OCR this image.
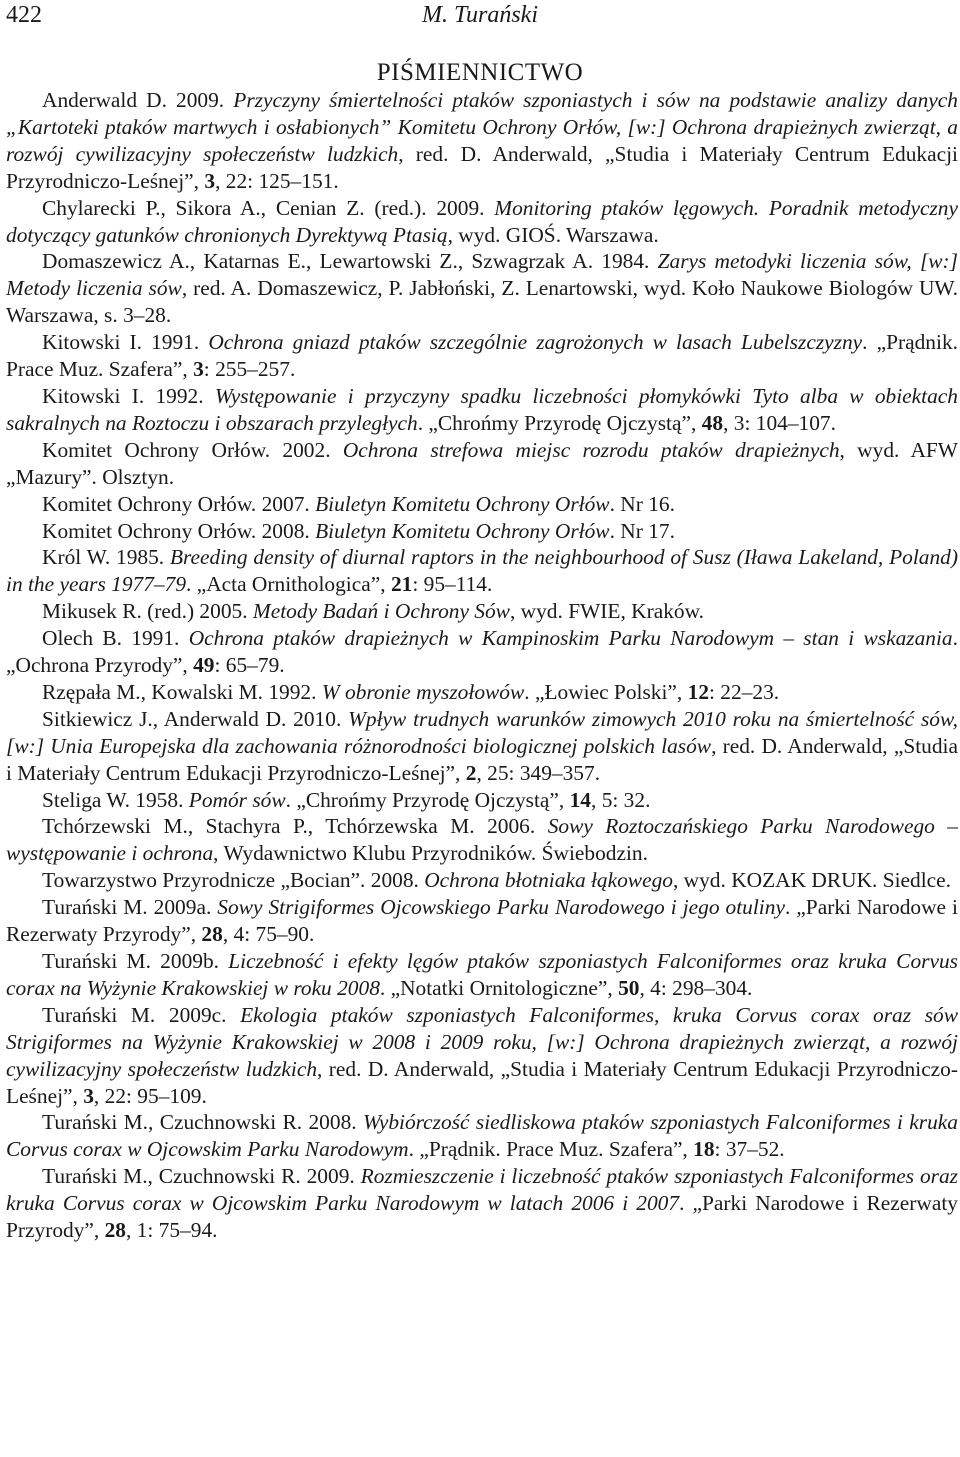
422	M. Turański
PIŚMIENNICTWO

Anderwald D. 2009. Przyczyny śmiertelności ptaków szponiastych i sów na podstawie analizy danych „Kartoteki ptaków martwych i osłabionych” Komitetu Ochrony Orłów, [w:] Ochrona drapieżnych zwierząt, a rozwój cywilizacyjny społeczeństw ludzkich, red. D. Anderwald, „Studia i Materiały Centrum Edukacji Przyrodniczo-Leśnej”, 3, 22: 125–151.

Chylarecki P., Sikora A., Cenian Z. (red.). 2009. Monitoring ptaków lęgowych. Poradnik metodyczny dotyczący gatunków chronionych Dyrektywą Ptasią, wyd. GIOŚ. Warszawa.

Domaszewicz A., Katarnas E., Lewartowski Z., Szwagrzak A. 1984. Zarys metodyki liczenia sów, [w:] Metody liczenia sów, red. A. Domaszewicz, P. Jabłoński, Z. Lenartowski, wyd. Koło Naukowe Biologów UW. Warszawa, s. 3–28.

Kitowski I. 1991. Ochrona gniazd ptaków szczególnie zagrożonych w lasach Lubelszczyzny. „Prądnik. Prace Muz. Szafera”, 3: 255–257.

Kitowski I. 1992. Występowanie i przyczyny spadku liczebności płomykówki Tyto alba w obiektach sakralnych na Roztoczu i obszarach przyległych. „Chrońmy Przyrodę Ojczystą”, 48, 3: 104–107.

Komitet Ochrony Orłów. 2002. Ochrona strefowa miejsc rozrodu ptaków drapieżnych, wyd. AFW „Mazury”. Olsztyn.

Komitet Ochrony Orłów. 2007. Biuletyn Komitetu Ochrony Orłów. Nr 16.

Komitet Ochrony Orłów. 2008. Biuletyn Komitetu Ochrony Orłów. Nr 17.

Król W. 1985. Breeding density of diurnal raptors in the neighbourhood of Susz (Iława Lakeland, Poland) in the years 1977–79. „Acta Ornithologica”, 21: 95–114.

Mikusek R. (red.) 2005. Metody Badań i Ochrony Sów, wyd. FWIE, Kraków.

Olech B. 1991. Ochrona ptaków drapieżnych w Kampinoskim Parku Narodowym – stan i wskazania. „Ochrona Przyrody”, 49: 65–79.

Rzępała M., Kowalski M. 1992. W obronie myszołowów. „Łowiec Polski”, 12: 22–23.

Sitkiewicz J., Anderwald D. 2010. Wpływ trudnych warunków zimowych 2010 roku na śmiertelność sów, [w:] Unia Europejska dla zachowania różnorodności biologicznej polskich lasów, red. D. Anderwald, „Studia i Materiały Centrum Edukacji Przyrodniczo-Leśnej”, 2, 25: 349–357.

Steliga W. 1958. Pomór sów. „Chrońmy Przyrodę Ojczystą”, 14, 5: 32.

Tchórzewski M., Stachyra P., Tchórzewska M. 2006. Sowy Roztoczańskiego Parku Narodowego – występowanie i ochrona, Wydawnictwo Klubu Przyrodników. Świebodzin.

Towarzystwo Przyrodnicze „Bocian”. 2008. Ochrona błotniaka łąkowego, wyd. KOZAK DRUK. Siedlce.

Turański M. 2009a. Sowy Strigiformes Ojcowskiego Parku Narodowego i jego otuliny. „Parki Narodowe i Rezerwaty Przyrody”, 28, 4: 75–90.

Turański M. 2009b. Liczebność i efekty lęgów ptaków szponiastych Falconiformes oraz kruka Corvus corax na Wyżynie Krakowskiej w roku 2008. „Notatki Ornitologiczne”, 50, 4: 298–304.

Turański M. 2009c. Ekologia ptaków szponiastych Falconiformes, kruka Corvus corax oraz sów Strigiformes na Wyżynie Krakowskiej w 2008 i 2009 roku, [w:] Ochrona drapieżnych zwierząt, a rozwój cywilizacyjny społeczeństw ludzkich, red. D. Anderwald, „Studia i Materiały Centrum Edukacji Przyrodniczo-Leśnej”, 3, 22: 95–109.

Turański M., Czuchnowski R. 2008. Wybiórczość siedliskowa ptaków szponiastych Falconiformes i kruka Corvus corax w Ojcowskim Parku Narodowym. „Prądnik. Prace Muz. Szafera”, 18: 37–52.

Turański M., Czuchnowski R. 2009. Rozmieszczenie i liczebność ptaków szponiastych Falconiformes oraz kruka Corvus corax w Ojcowskim Parku Narodowym w latach 2006 i 2007. „Parki Narodowe i Rezerwaty Przyrody”, 28, 1: 75–94.
